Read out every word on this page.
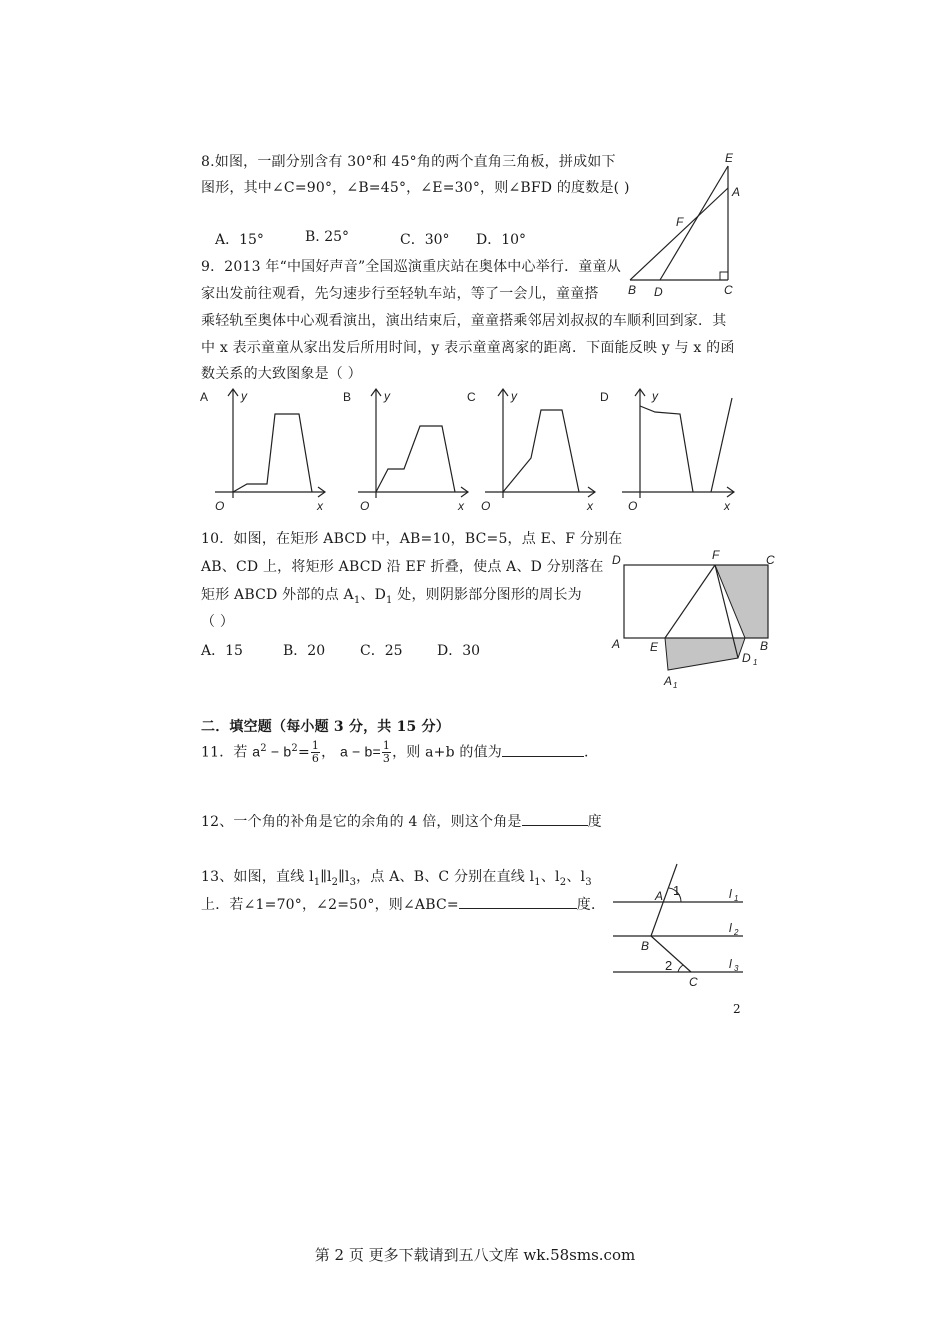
8.如图，一副分别含有 30°和 45°角的两个直角三角板，拼成如下
图形，其中∠C=90°，∠B=45°，∠E=30°，则∠BFD 的度数是( )
A．15°	B. 25°	C．30° D．10°
E
A
F
B D	C
9．2013 年“中国好声音”全国巡演重庆站在奥体中心举行．童童从
家出发前往观看，先匀速步行至轻轨车站，等了一会儿，童童搭
乘轻轨至奥体中心观看演出，演出结束后，童童搭乘邻居刘叔叔的车顺利回到家．其
中 x 表示童童从家出发后所用时间，y 表示童童离家的距离．下面能反映 y 与 x 的函
数关系的大致图象是（ ）
A	y
x
O
B	y
x
O
C	y
x
O
D	y
x
O
10．如图，在矩形 ABCD 中，AB=10，BC=5，点 E、F 分别在
AB、CD 上，将矩形 ABCD 沿 EF 折叠，使点 A、D 分别落在
矩形 ABCD 外部的点 $A_1$、$D_1$ 处，则阴影部分图形的周长为
（ ）
A．15	B．20 C．25 D．30
D	F	C
A E	B
D 1
A 1
二．填空题（每小题 3 分，共 15 分）
11．若 $a^2 - b^2= \frac{1}{6}$ ， $a - b= \frac{1}{3}$ ，则 a+b 的值为	.
12、一个角的补角是它的余角的 4 倍，则这个角是	度
13、如图，直线 $l_1\parallel l_2\parallel l_3$，点 A、B、C 分别在直线 $l_1$、$l_2$、$l_3$
上．若∠1=70°，∠2=50°，则∠ABC=	度．
A 1	l 1
B
l 2
2
C
l 3
2
第 2 页 更多下载请到五八文库 wk.58sms.com
